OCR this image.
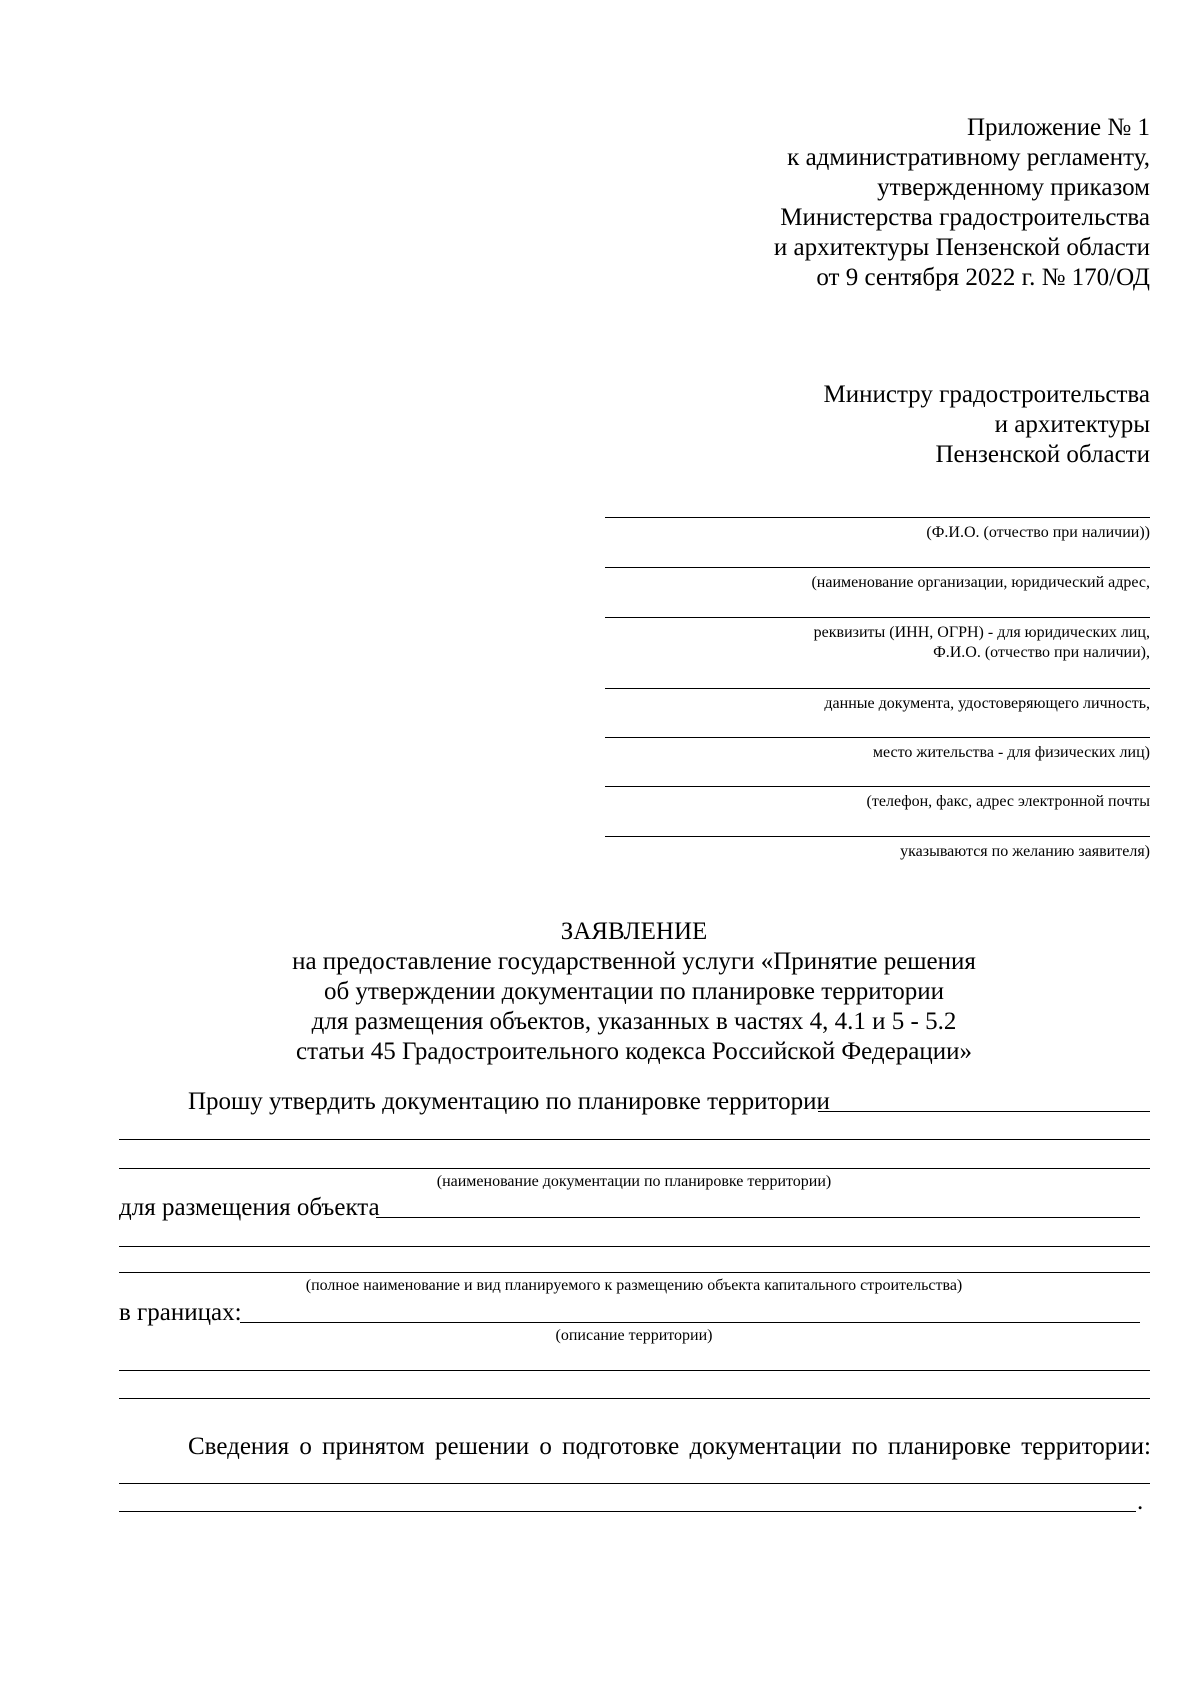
Приложение № 1
к административному регламенту,
утвержденному приказом
Министерства градостроительства
и архитектуры Пензенской области
от 9 сентября 2022 г. № 170/ОД
Министру градостроительства
и архитектуры
Пензенской области
(Ф.И.О. (отчество при наличии))
(наименование организации, юридический адрес,
реквизиты (ИНН, ОГРН) - для юридических лиц,
Ф.И.О. (отчество при наличии),
данные документа, удостоверяющего личность,
место жительства - для физических лиц)
(телефон, факс, адрес электронной почты
указываются по желанию заявителя)
ЗАЯВЛЕНИЕ
на предоставление государственной услуги «Принятие решения
об утверждении документации по планировке территории
для размещения объектов, указанных в частях 4, 4.1 и 5 - 5.2
статьи 45 Градостроительного кодекса Российской Федерации»
Прошу утвердить документацию по планировке территории
(наименование документации по планировке территории)
для размещения объекта
(полное наименование и вид планируемого к размещению объекта капитального строительства)
в границах:
(описание территории)
Сведения о принятом решении о подготовке документации по планировке территории:
.
